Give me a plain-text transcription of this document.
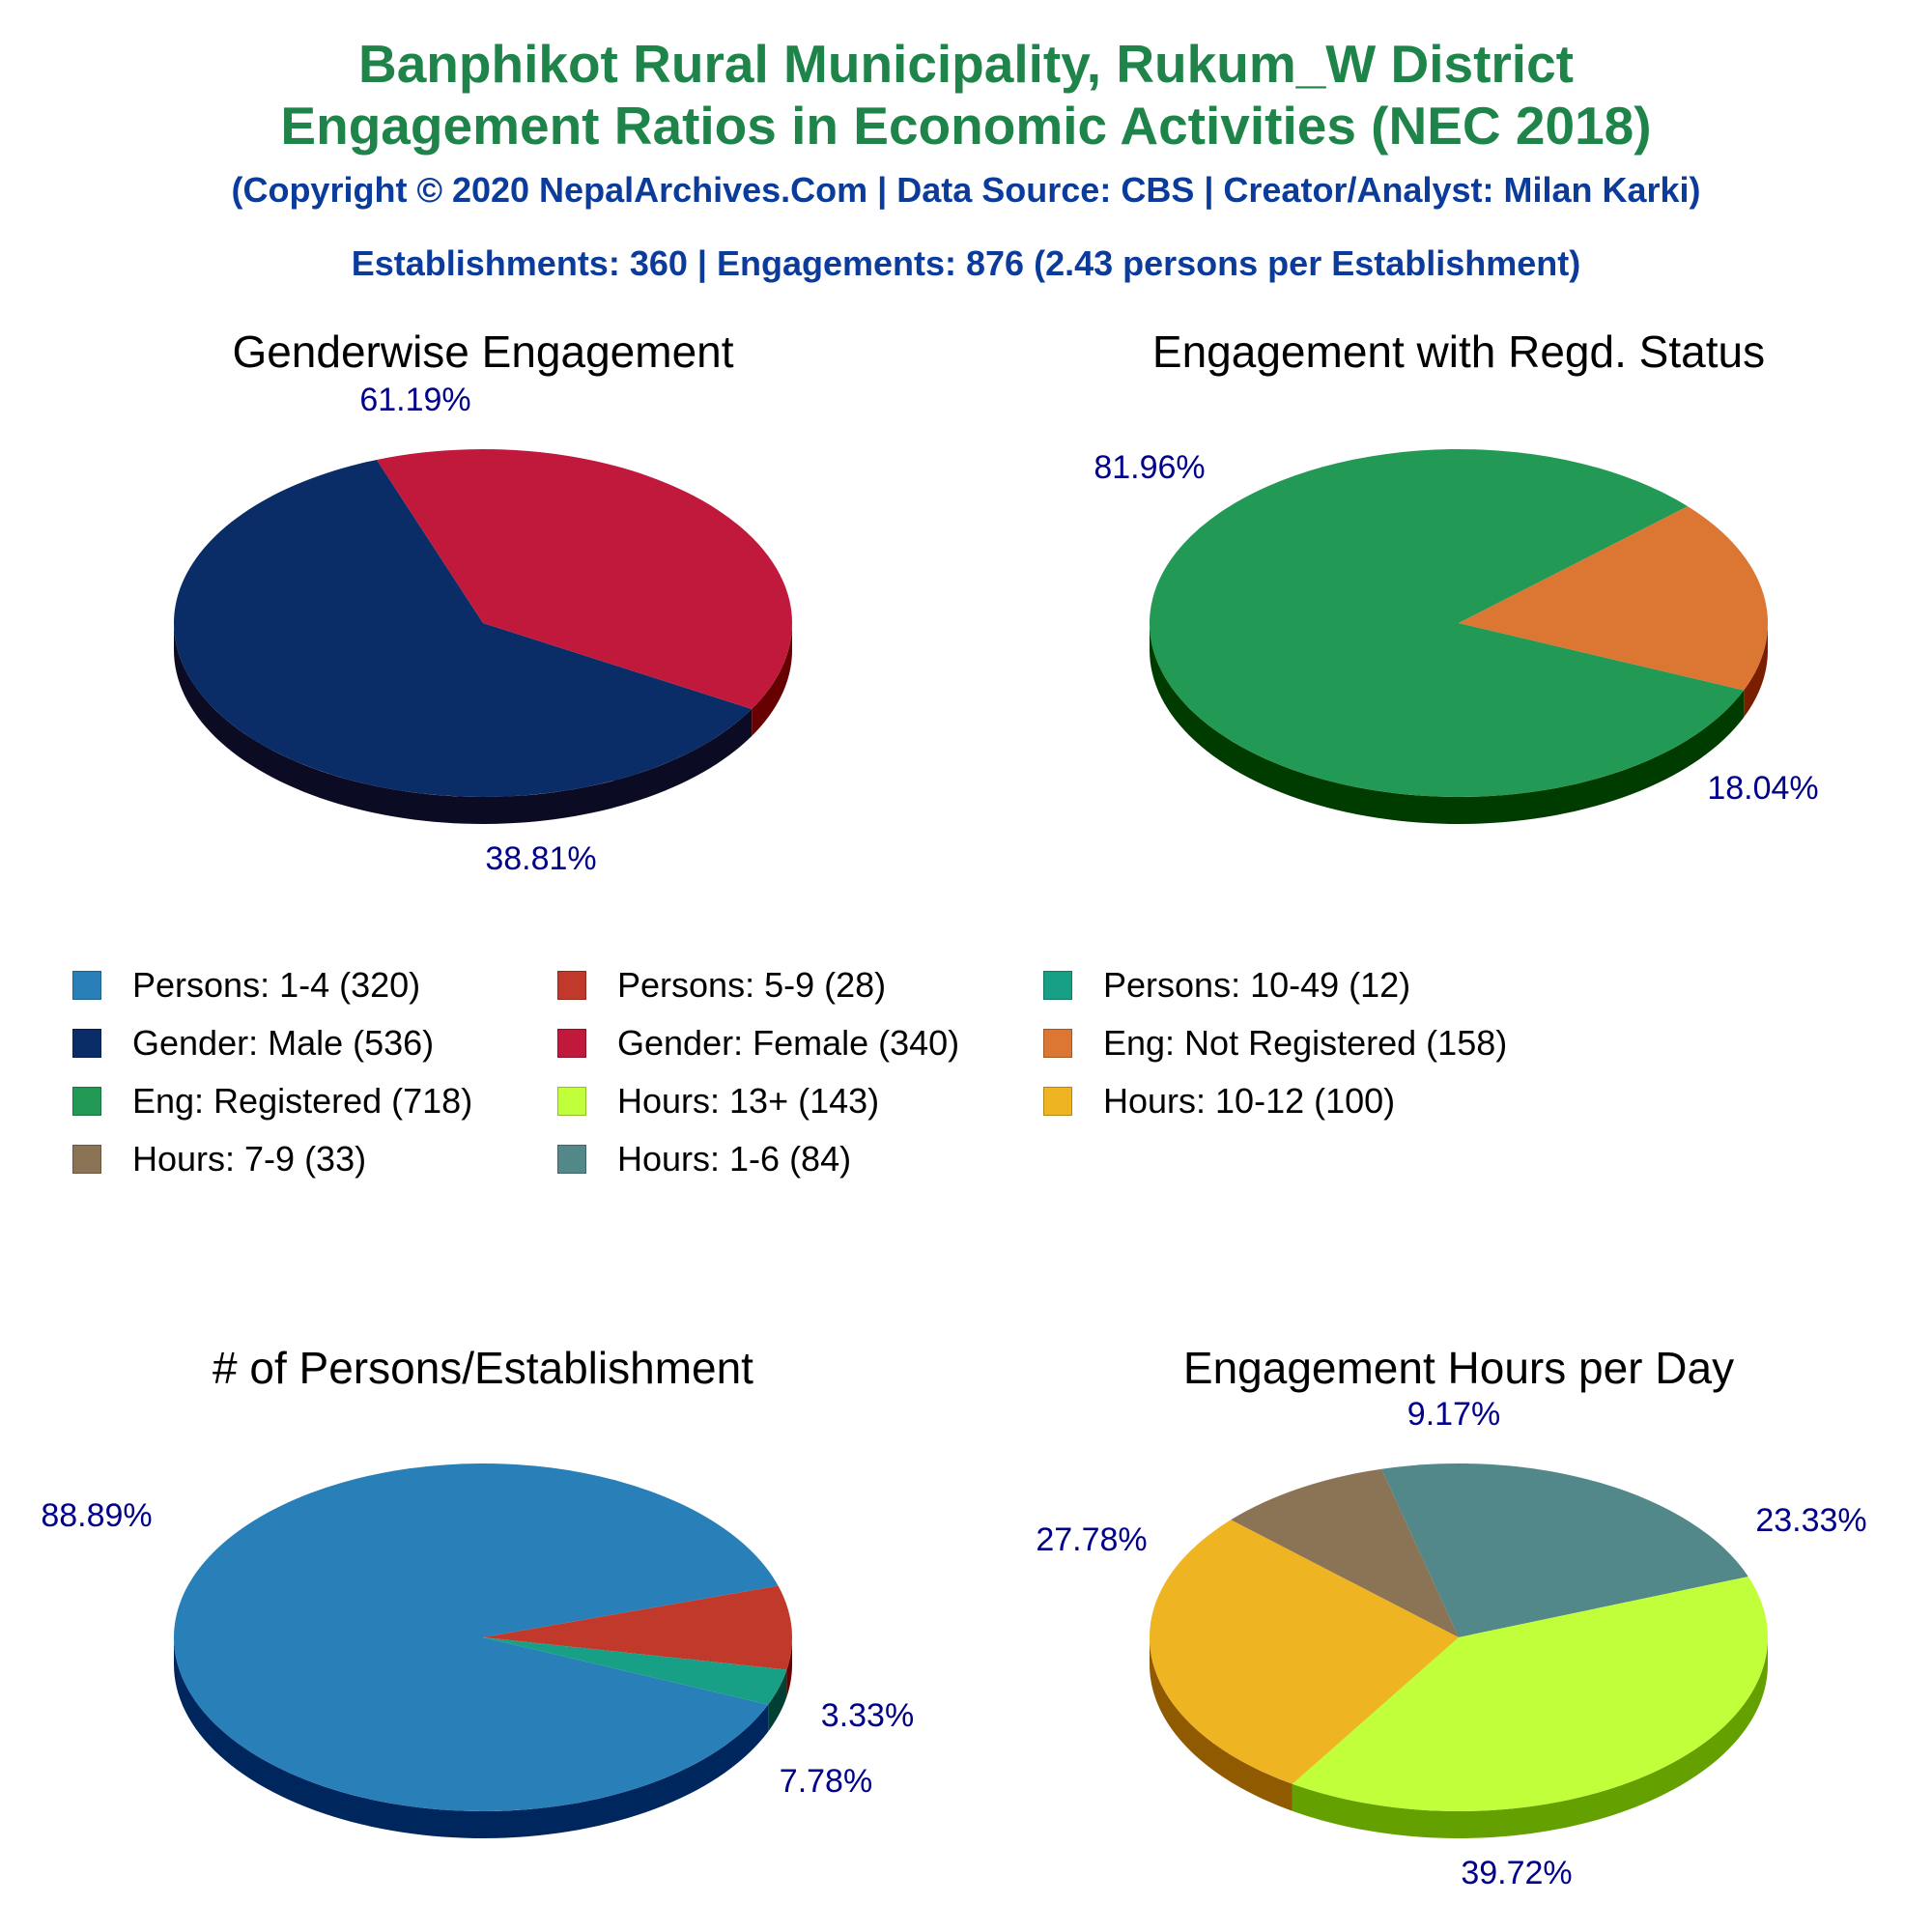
Banphikot Rural Municipality, Rukum_W District
Engagement Ratios in Economic Activities (NEC 2018)
(Copyright © 2020 NepalArchives.Com | Data Source: CBS | Creator/Analyst: Milan Karki)
Establishments: 360 | Engagements: 876 (2.43 persons per Establishment)
Genderwise Engagement
61.19%
38.81%
Engagement with Regd. Status
81.96%
18.04%
# of Persons/Establishment
88.89%
7.78%
3.33%
Engagement Hours per Day
23.33%
39.72%
27.78%
9.17%
Persons: 1-4 (320)	Persons: 5-9 (28)	Persons: 10-49 (12)
Gender: Male (536)	Gender: Female (340)	Eng: Not Registered (158)
Eng: Registered (718)	Hours: 13+ (143)	Hours: 10-12 (100)
Hours: 7-9 (33)	Hours: 1-6 (84)
